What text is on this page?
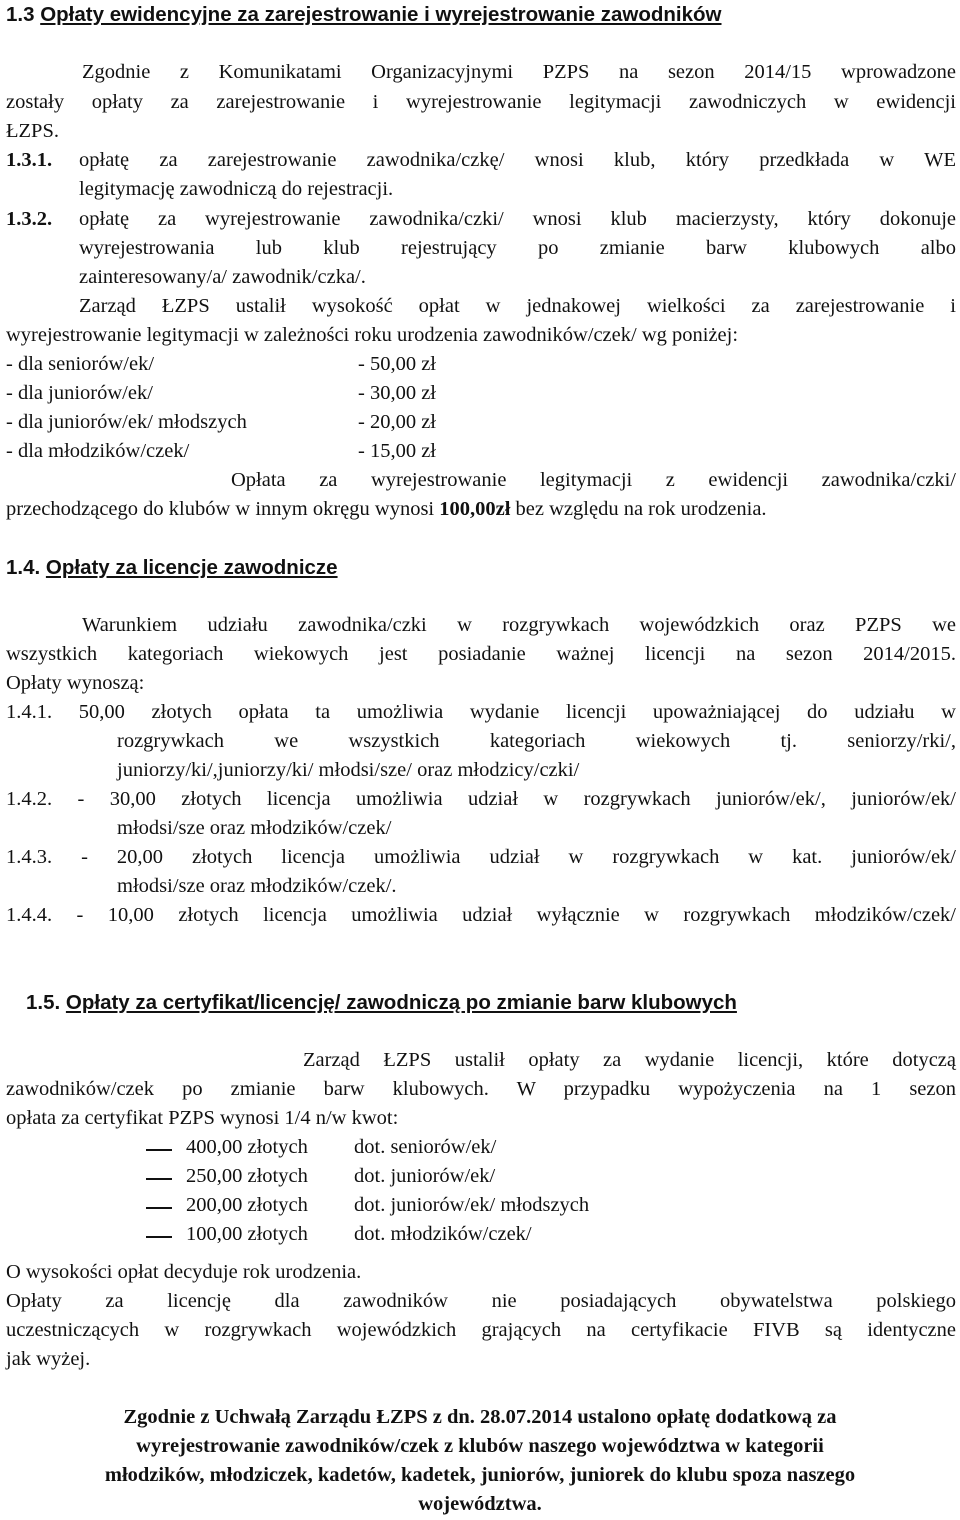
1.3 Opłaty ewidencyjne za zarejestrowanie i wyrejestrowanie zawodników
Zgodnie z Komunikatami Organizacyjnymi PZPS na sezon 2014/15 wprowadzone
zostały opłaty za zarejestrowanie i wyrejestrowanie legitymacji zawodniczych w ewidencji
ŁZPS.
1.3.1. opłatę za zarejestrowanie zawodnika/czkę/ wnosi klub, który przedkłada w WE
legitymację zawodniczą do rejestracji.
1.3.2. opłatę za wyrejestrowanie zawodnika/czki/ wnosi klub macierzysty, który dokonuje
wyrejestrowania lub klub rejestrujący po zmianie barw klubowych albo
zainteresowany/a/ zawodnik/czka/.
Zarząd ŁZPS ustalił wysokość opłat w jednakowej wielkości za zarejestrowanie i
wyrejestrowanie legitymacji w zależności roku urodzenia zawodników/czek/ wg poniżej:
- dla seniorów/ek/	- 50,00 zł
- dla juniorów/ek/	- 30,00 zł
- dla juniorów/ek/ młodszych	- 20,00 zł
- dla młodzików/czek/	- 15,00 zł
Opłata za wyrejestrowanie legitymacji z ewidencji zawodnika/czki/
przechodzącego do klubów w innym okręgu wynosi 100,00zł bez względu na rok urodzenia.
1.4. Opłaty za licencje zawodnicze
Warunkiem udziału zawodnika/czki w rozgrywkach wojewódzkich oraz PZPS we
wszystkich kategoriach wiekowych jest posiadanie ważnej licencji na sezon 2014/2015.
Opłaty wynoszą:
1.4.1. 50,00 złotych opłata ta umożliwia wydanie licencji upoważniającej do udziału w
rozgrywkach we wszystkich kategoriach wiekowych tj. seniorzy/rki/,
juniorzy/ki/,juniorzy/ki/ młodsi/sze/ oraz młodzicy/czki/
1.4.2. - 30,00 złotych licencja umożliwia udział w rozgrywkach juniorów/ek/, juniorów/ek/
młodsi/sze oraz młodzików/czek/
1.4.3. - 20,00 złotych licencja umożliwia udział w rozgrywkach w kat. juniorów/ek/
młodsi/sze oraz młodzików/czek/.
1.4.4. - 10,00 złotych licencja umożliwia udział wyłącznie w rozgrywkach młodzików/czek/
1.5. Opłaty za certyfikat/licencję/ zawodniczą po zmianie barw klubowych
Zarząd ŁZPS ustalił opłaty za wydanie licencji, które dotyczą
zawodników/czek po zmianie barw klubowych. W przypadku wypożyczenia na 1 sezon
opłata za certyfikat PZPS wynosi 1/4 n/w kwot:
400,00 złotych dot. seniorów/ek/
250,00 złotych dot. juniorów/ek/
200,00 złotych dot. juniorów/ek/ młodszych
100,00 złotych dot. młodzików/czek/
O wysokości opłat decyduje rok urodzenia.
Opłaty za licencję dla zawodników nie posiadających obywatelstwa polskiego
uczestniczących w rozgrywkach wojewódzkich grających na certyfikacie FIVB są identyczne
jak wyżej.
Zgodnie z Uchwałą Zarządu ŁZPS z dn. 28.07.2014 ustalono opłatę dodatkową za
wyrejestrowanie zawodników/czek z klubów naszego województwa w kategorii
młodzików, młodziczek, kadetów, kadetek, juniorów, juniorek do klubu spoza naszego
województwa.
